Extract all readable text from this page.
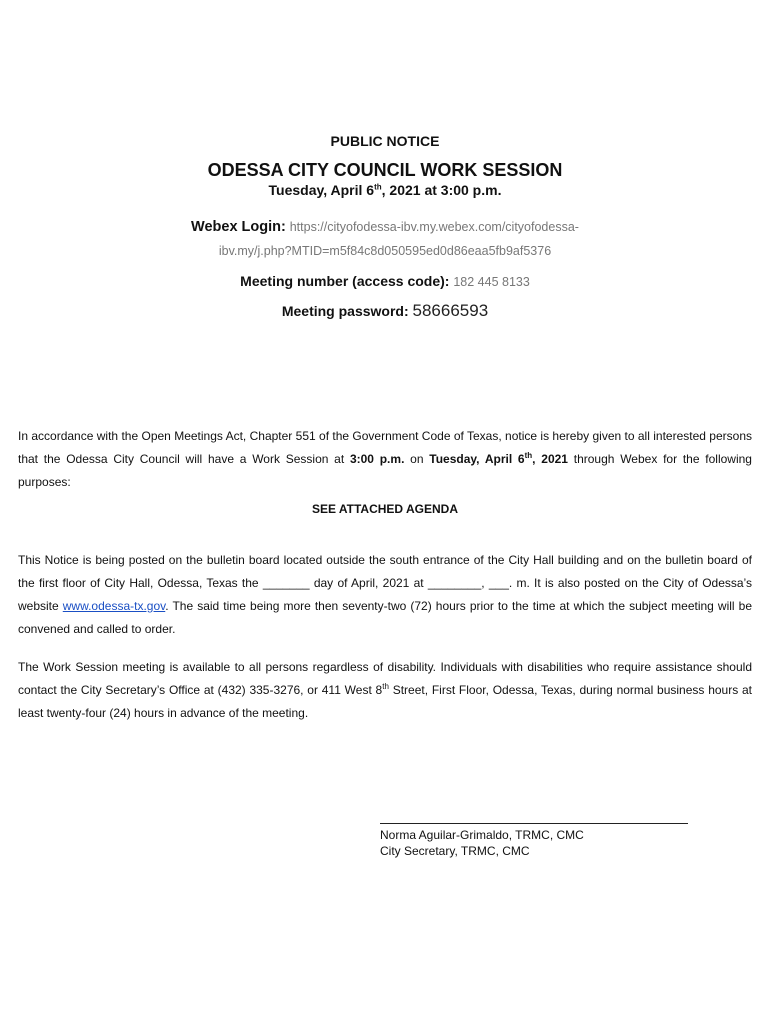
PUBLIC NOTICE
ODESSA CITY COUNCIL WORK SESSION
Tuesday, April 6th, 2021 at 3:00 p.m.
Webex Login: https://cityofodessa-ibv.my.webex.com/cityofodessa-
ibv.my/j.php?MTID=m5f84c8d050595ed0d86eaa5fb9af5376
Meeting number (access code): 182 445 8133
Meeting password: 58666593
In accordance with the Open Meetings Act, Chapter 551 of the Government Code of Texas, notice is hereby given to all interested persons that the Odessa City Council will have a Work Session at 3:00 p.m. on Tuesday, April 6th, 2021 through Webex for the following purposes:
SEE ATTACHED AGENDA
This Notice is being posted on the bulletin board located outside the south entrance of the City Hall building and on the bulletin board of the first floor of City Hall, Odessa, Texas the _______ day of April, 2021 at ________, ___. m. It is also posted on the City of Odessa’s website www.odessa-tx.gov. The said time being more then seventy-two (72) hours prior to the time at which the subject meeting will be convened and called to order.
The Work Session meeting is available to all persons regardless of disability. Individuals with disabilities who require assistance should contact the City Secretary’s Office at (432) 335-3276, or 411 West 8th Street, First Floor, Odessa, Texas, during normal business hours at least twenty-four (24) hours in advance of the meeting.
Norma Aguilar-Grimaldo, TRMC, CMC
City Secretary, TRMC, CMC
